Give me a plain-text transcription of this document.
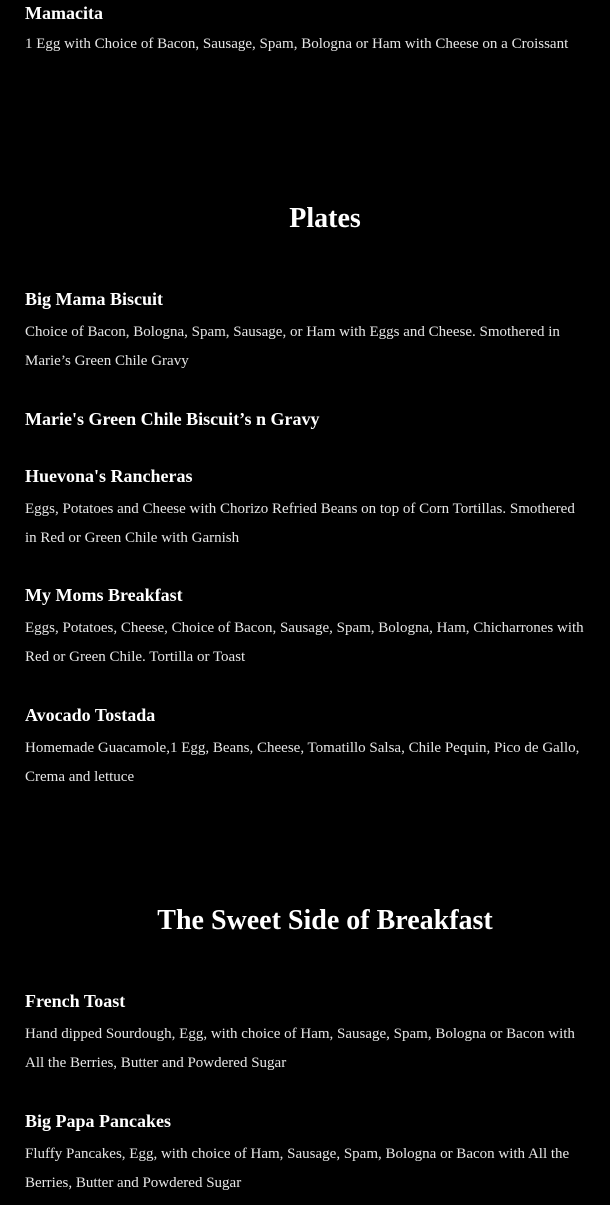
Mamacita

1 Egg with Choice of Bacon, Sausage, Spam, Bologna or Ham with Cheese on a Croissant

Plates
Big Mama Biscuit

Choice of Bacon, Bologna, Spam, Sausage, or Ham with Eggs and Cheese. Smothered in Marie’s Green Chile Gravy

Marie's Green Chile Biscuit’s n Gravy
Huevona's Rancheras

Eggs, Potatoes and Cheese with Chorizo Refried Beans on top of Corn Tortillas. Smothered in Red or Green Chile with Garnish

My Moms Breakfast

Eggs, Potatoes, Cheese, Choice of Bacon, Sausage, Spam, Bologna, Ham, Chicharrones with Red or Green Chile. Tortilla or Toast

Avocado Tostada

Homemade Guacamole,1 Egg, Beans, Cheese, Tomatillo Salsa, Chile Pequin, Pico de Gallo, Crema and lettuce

The Sweet Side of Breakfast
French Toast

Hand dipped Sourdough, Egg, with choice of Ham, Sausage, Spam, Bologna or Bacon with All the Berries, Butter and Powdered Sugar

Big Papa Pancakes

Fluffy Pancakes, Egg, with choice of Ham, Sausage, Spam, Bologna or Bacon with All the Berries, Butter and Powdered Sugar
